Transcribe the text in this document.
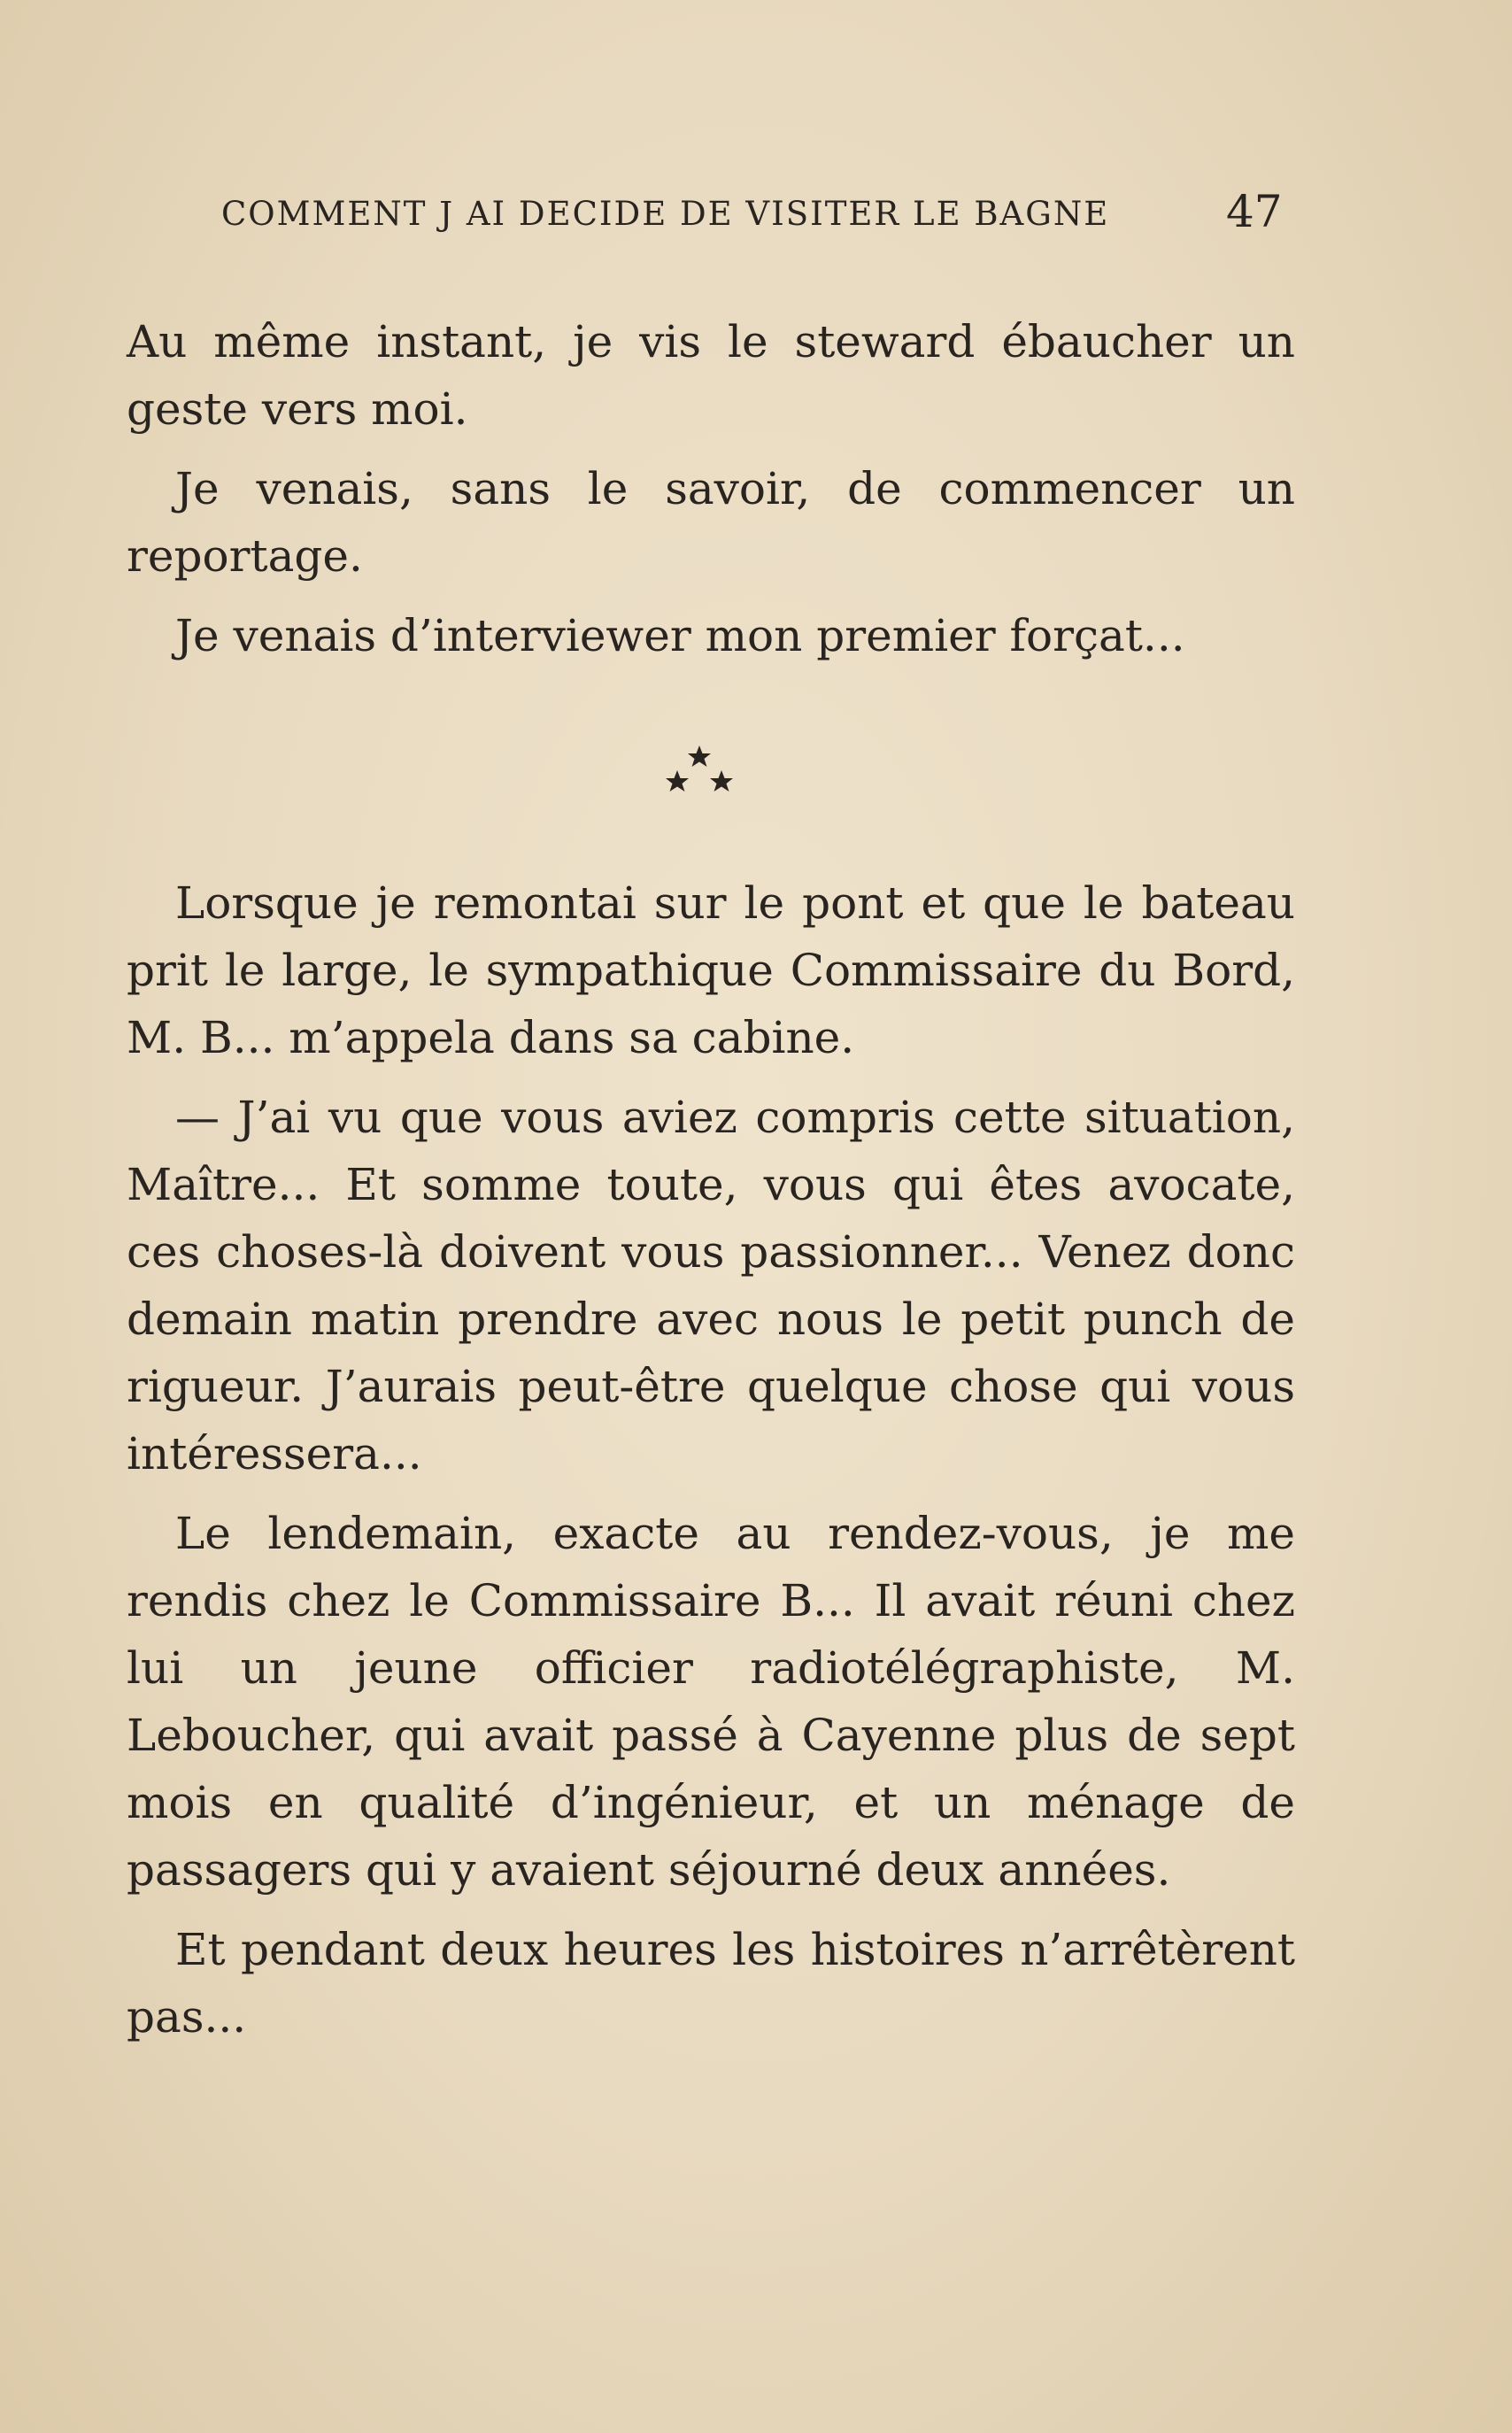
COMMENT J AI DECIDE DE VISITER LE BAGNE	47

Au même instant, je vis le steward ébaucher un geste vers moi.

Je venais, sans le savoir, de commencer un reportage.

Je venais d’interviewer mon premier forçat...

Lorsque je remontai sur le pont et que le bateau prit le large, le sympathique Commissaire du Bord, M. B... m’appela dans sa cabine.

— J’ai vu que vous aviez compris cette situation, Maître... Et somme toute, vous qui êtes avocate, ces choses-là doivent vous passionner... Venez donc demain matin prendre avec nous le petit punch de rigueur. J’aurais peut-être quelque chose qui vous intéressera...

Le lendemain, exacte au rendez-vous, je me rendis chez le Commissaire B... Il avait réuni chez lui un jeune officier radiotélégraphiste, M. Leboucher, qui avait passé à Cayenne plus de sept mois en qualité d’ingénieur, et un ménage de passagers qui y avaient séjourné deux années.

Et pendant deux heures les histoires n’arrêtèrent pas...
